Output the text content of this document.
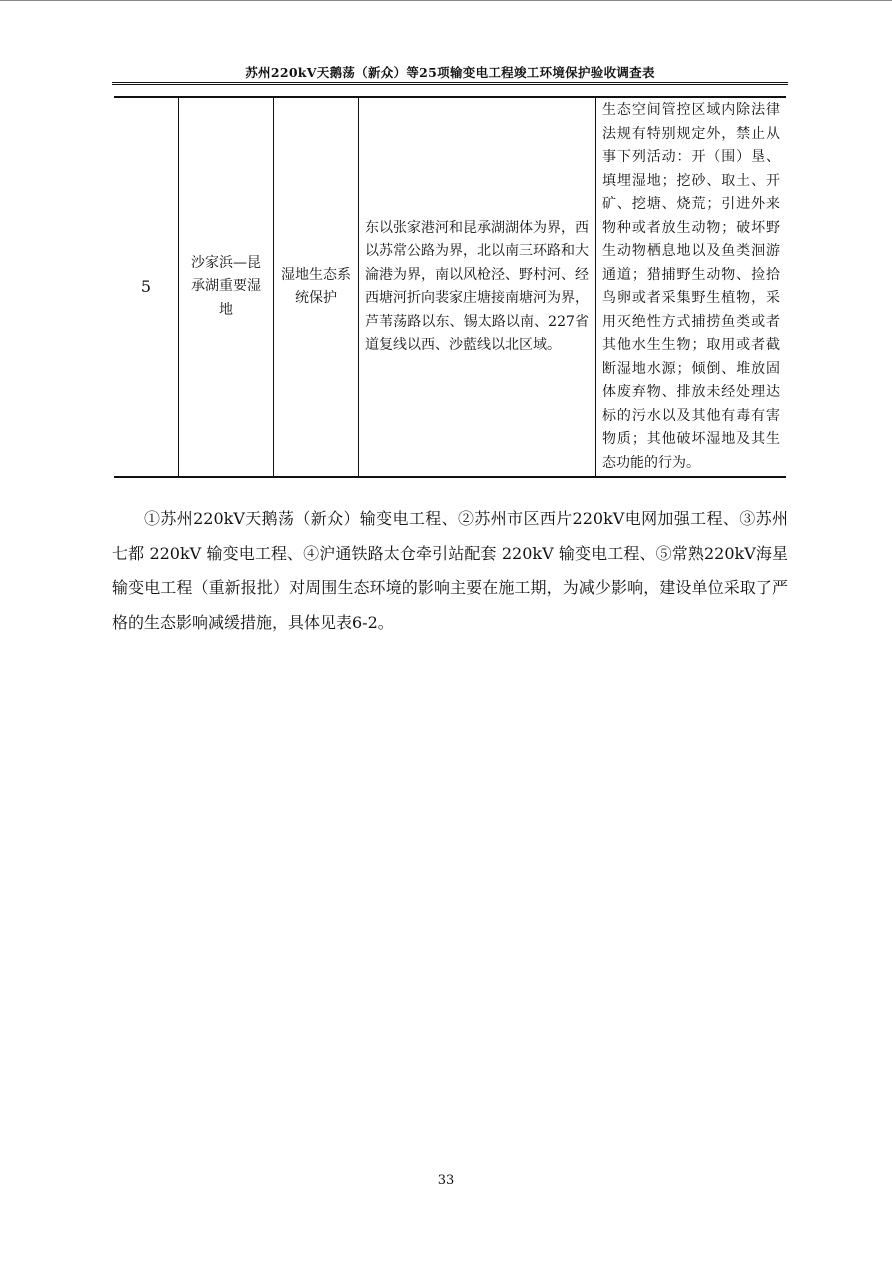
苏州220kV天鹅荡（新众）等25项输变电工程竣工环境保护验收调查表
5	沙家浜—昆承湖重要湿地	湿地生态系统保护	东以张家港河和昆承湖湖体为界，西以苏常公路为界，北以南三环路和大淪港为界，南以风枪泾、野村河、经西塘河折向裴家庄塘接南塘河为界，芦苇荡路以东、锡太路以南、227省道复线以西、沙藍线以北区域。	生态空间管控区域内除法律法规有特别规定外，禁止从事下列活动：开（围）垦、填埋湿地；挖砂、取土、开矿、挖塘、烧荒；引进外来物种或者放生动物；破坏野生动物栖息地以及鱼类洄游通道；猎捕野生动物、捡拾鸟卵或者采集野生植物，采用灭绝性方式捕捞鱼类或者其他水生生物；取用或者截断湿地水源；倾倒、堆放固体废弃物、排放未经处理达标的污水以及其他有毒有害物质；其他破坏湿地及其生态功能的行为。
①苏州220kV天鹅荡（新众）输变电工程、②苏州市区西片220kV电网加强工程、③苏州七都 220kV 输变电工程、④沪通铁路太仓牵引站配套 220kV 输变电工程、⑤常熟220kV海星输变电工程（重新报批）对周围生态环境的影响主要在施工期，为减少影响，建设单位采取了严格的生态影响减缓措施，具体见表6-2。
33
